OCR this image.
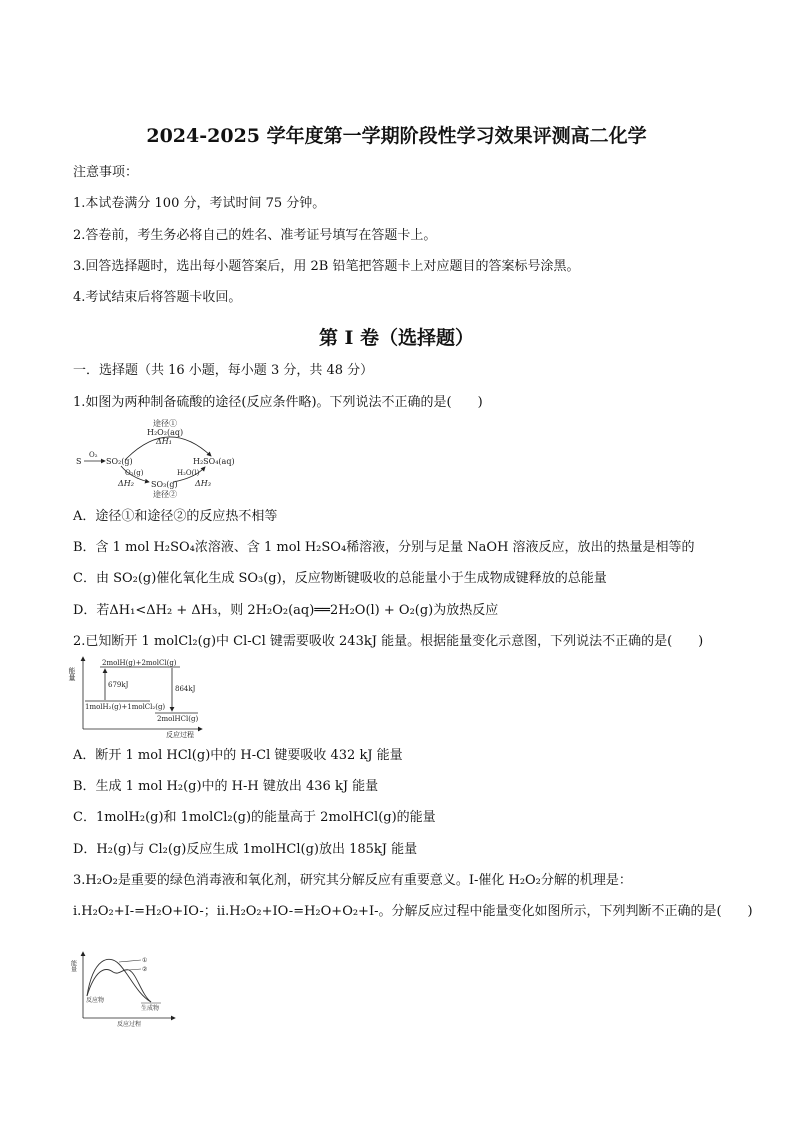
2024-2025 学年度第一学期阶段性学习效果评测高二化学
注意事项：
1.本试卷满分 100 分，考试时间 75 分钟。
2.答卷前，考生务必将自己的姓名、准考证号填写在答题卡上。
3.回答选择题时，选出每小题答案后，用 2B 铅笔把答题卡上对应题目的答案标号涂黑。
4.考试结束后将答题卡收回。
第 I 卷（选择题）
一．选择题（共 16 小题，每小题 3 分，共 48 分）
1.如图为两种制备硫酸的途径(反应条件略)。下列说法不正确的是(　　)
途径①
H₂O₂(aq)
ΔH₁
S
O₂
SO₂(g)	H₂SO₄(aq)
O₂(g)	H₂O(l)
ΔH₂ SO₃(g) ΔH₃
途径②
A．途径①和途径②的反应热不相等
B．含 1 mol H₂SO₄浓溶液、含 1 mol H₂SO₄稀溶液，分别与足量 NaOH 溶液反应，放出的热量是相等的
C．由 SO₂(g)催化氧化生成 SO₃(g)，反应物断键吸收的总能量小于生成物成键释放的总能量
D．若ΔH₁<ΔH₂ + ΔH₃，则 2H₂O₂(aq)══2H₂O(l) + O₂(g)为放热反应
2.已知断开 1 molCl₂(g)中 Cl-Cl 键需要吸收 243kJ 能量。根据能量变化示意图，下列说法不正确的是(　　)
能量
2molH(g)+2molCl(g)
1molH₂(g)+1molCl₂(g)
2molHCl(g)
679kJ	864kJ
反应过程
A．断开 1 mol HCl(g)中的 H-Cl 键要吸收 432 kJ 能量
B．生成 1 mol H₂(g)中的 H-H 键放出 436 kJ 能量
C．1molH₂(g)和 1molCl₂(g)的能量高于 2molHCl(g)的能量
D．H₂(g)与 Cl₂(g)反应生成 1molHCl(g)放出 185kJ 能量
3.H₂O₂是重要的绿色消毒液和氧化剂，研究其分解反应有重要意义。I-催化 H₂O₂分解的机理是：
i.H₂O₂+I-=H₂O+IO-；ii.H₂O₂+IO-=H₂O+O₂+I-。分解反应过程中能量变化如图所示，下列判断不正确的是(　　)
能量	①
②
反应物
生成物
反应过程
